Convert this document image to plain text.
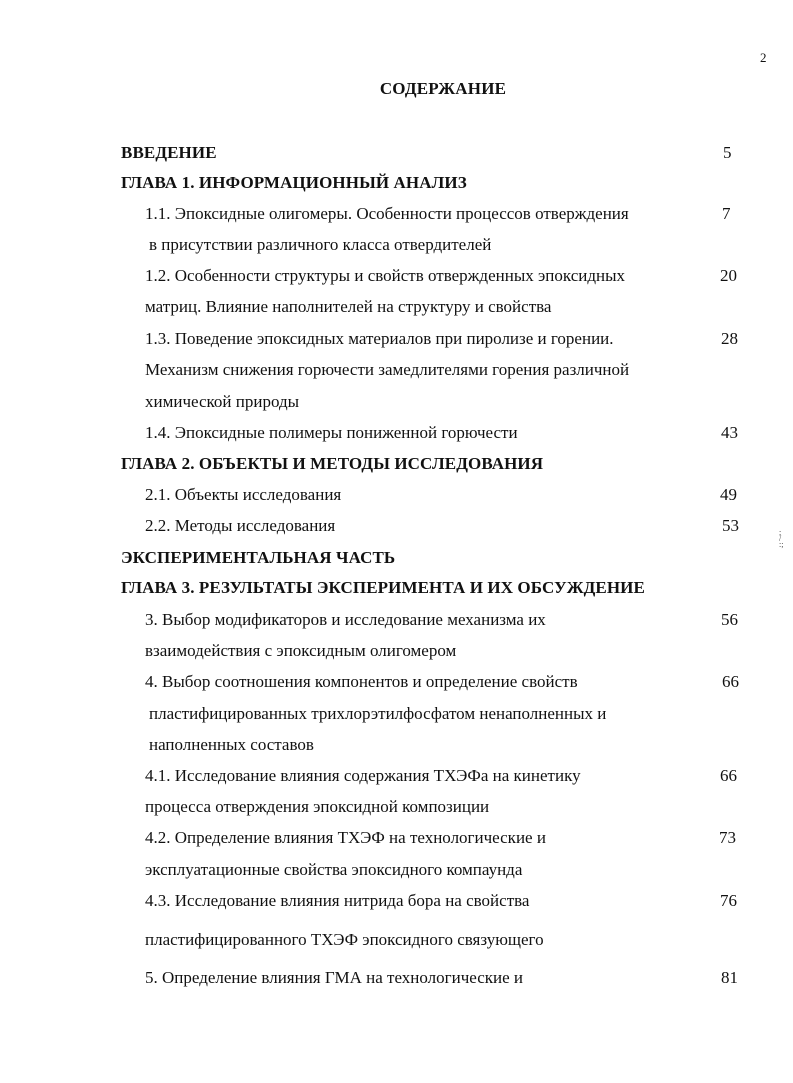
2
СОДЕРЖАНИЕ
ВВЕДЕНИЕ	5
ГЛАВА 1. ИНФОРМАЦИОННЫЙ АНАЛИЗ
1.1. Эпоксидные олигомеры. Особенности процессов отверждения	7
в присутствии различного класса отвердителей
1.2. Особенности структуры и свойств отвержденных эпоксидных	20
матриц. Влияние наполнителей на структуру и свойства
1.3. Поведение эпоксидных материалов при пиролизе и горении.	28
Механизм снижения горючести замедлителями горения различной
химической природы
1.4. Эпоксидные полимеры пониженной горючести	43
ГЛАВА 2. ОБЪЕКТЫ И МЕТОДЫ ИССЛЕДОВАНИЯ
2.1. Объекты исследования	49
2.2. Методы исследования	53
ЭКСПЕРИМЕНТАЛЬНАЯ ЧАСТЬ
ГЛАВА 3. РЕЗУЛЬТАТЫ ЭКСПЕРИМЕНТА И ИХ ОБСУЖДЕНИЕ
3. Выбор модификаторов и исследование механизма их	56
взаимодействия с эпоксидным олигомером
4. Выбор соотношения компонентов и определение свойств	66
пластифицированных трихлорэтилфосфатом ненаполненных и
наполненных составов
4.1. Исследование влияния содержания ТХЭФа на кинетику	66
процесса отверждения эпоксидной композиции
4.2. Определение влияния ТХЭФ на технологические и	73
эксплуатационные свойства эпоксидного компаунда
4.3. Исследование влияния нитрида бора на свойства	76
пластифицированного ТХЭФ эпоксидного связующего
5. Определение влияния ГМА на технологические и	81
;
/
:;
